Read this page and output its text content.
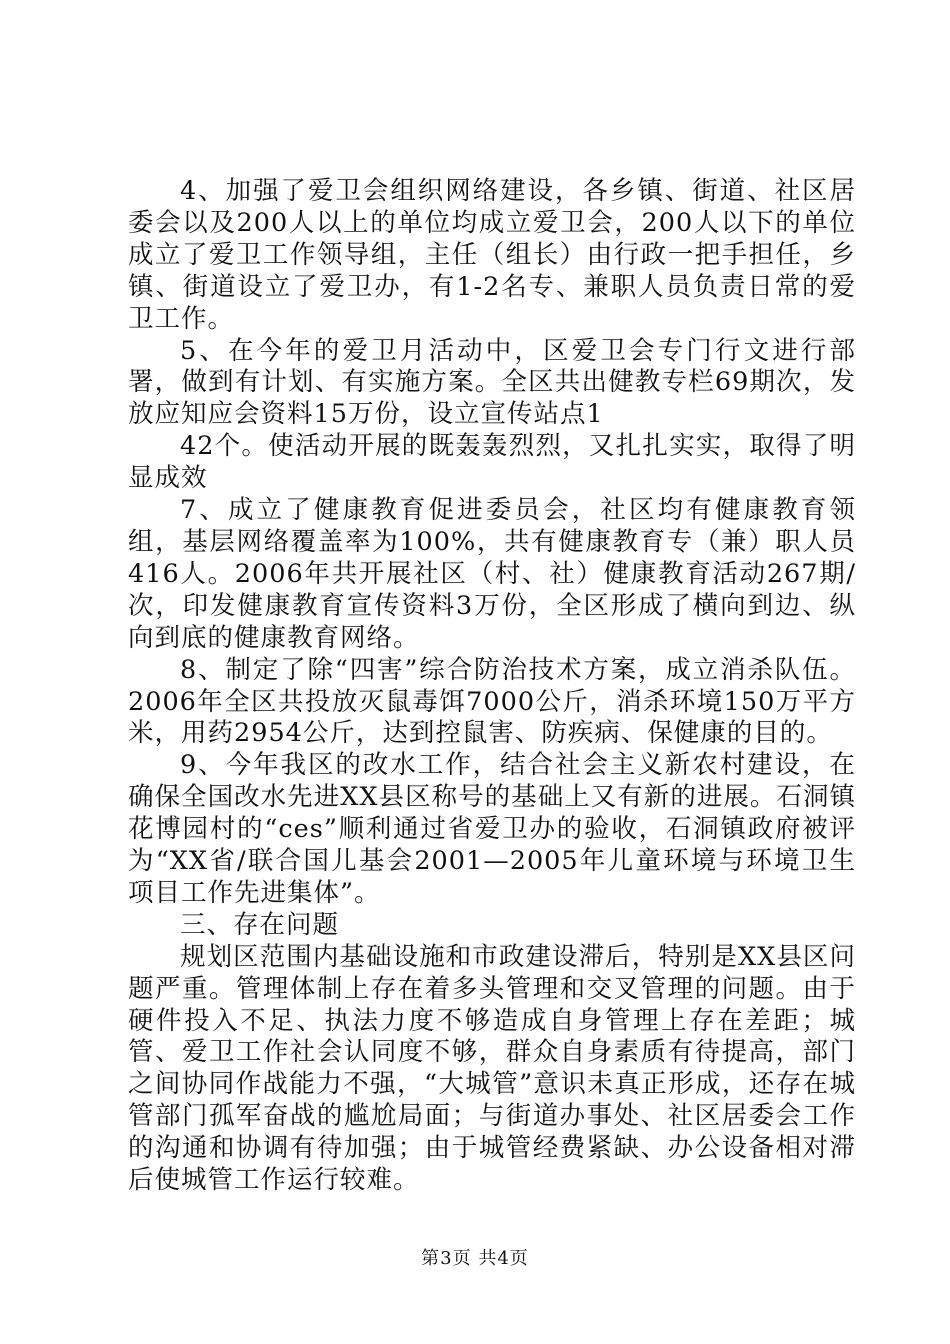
4、加强了爱卫会组织网络建设，各乡镇、街道、社区居委会以及200人以上的单位均成立爱卫会，200人以下的单位成立了爱卫工作领导组，主任（组长）由行政一把手担任，乡镇、街道设立了爱卫办，有1-2名专、兼职人员负责日常的爱卫工作。

5、在今年的爱卫月活动中，区爱卫会专门行文进行部署，做到有计划、有实施方案。全区共出健教专栏69期次，发放应知应会资料15万份，设立宣传站点1

42个。使活动开展的既轰轰烈烈，又扎扎实实，取得了明显成效

7、成立了健康教育促进委员会，社区均有健康教育领组，基层网络覆盖率为100%，共有健康教育专（兼）职人员416人。2006年共开展社区（村、社）健康教育活动267期/次，印发健康教育宣传资料3万份，全区形成了横向到边、纵向到底的健康教育网络。

8、制定了除“四害”综合防治技术方案，成立消杀队伍。2006年全区共投放灭鼠毒饵7000公斤，消杀环境150万平方米，用药2954公斤，达到控鼠害、防疾病、保健康的目的。

9、今年我区的改水工作，结合社会主义新农村建设，在确保全国改水先进XX县区称号的基础上又有新的进展。石洞镇花博园村的“ces”顺利通过省爱卫办的验收，石洞镇政府被评为“XX省/联合国儿基会2001—2005年儿童环境与环境卫生项目工作先进集体”。

三、存在问题

规划区范围内基础设施和市政建设滞后，特别是XX县区问题严重。管理体制上存在着多头管理和交叉管理的问题。由于硬件投入不足、执法力度不够造成自身管理上存在差距；城管、爱卫工作社会认同度不够，群众自身素质有待提高，部门之间协同作战能力不强，“大城管”意识未真正形成，还存在城管部门孤军奋战的尴尬局面；与街道办事处、社区居委会工作的沟通和协调有待加强；由于城管经费紧缺、办公设备相对滞后使城管工作运行较难。

第3页 共4页
